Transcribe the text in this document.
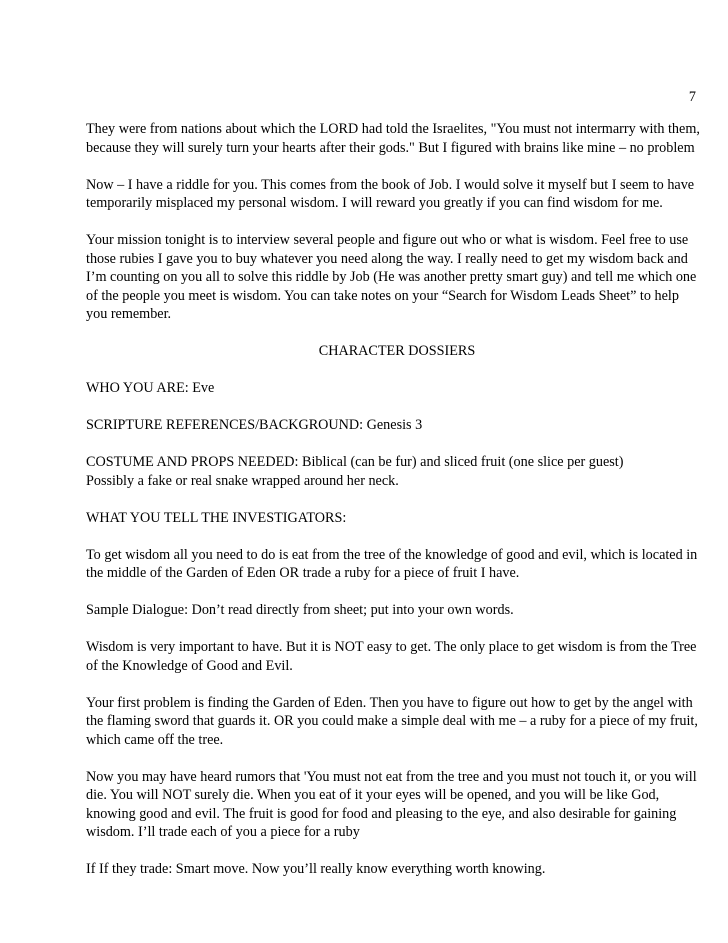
7

They were from nations about which the LORD had told the Israelites, "You must not intermarry with them, because they will surely turn your hearts after their gods." But I figured with brains like mine – no problem

Now – I have a riddle for you. This comes from the book of Job. I would solve it myself but I seem to have temporarily misplaced my personal wisdom. I will reward you greatly if you can find wisdom for me.

Your mission tonight is to interview several people and figure out who or what is wisdom. Feel free to use those rubies I gave you to buy whatever you need along the way. I really need to get my wisdom back and I’m counting on you all to solve this riddle by Job (He was another pretty smart guy) and tell me which one of the people you meet is wisdom. You can take notes on your “Search for Wisdom Leads Sheet” to help you remember.

CHARACTER DOSSIERS

WHO YOU ARE: Eve

SCRIPTURE REFERENCES/BACKGROUND: Genesis 3

COSTUME AND PROPS NEEDED: Biblical (can be fur) and sliced fruit (one slice per guest)
Possibly a fake or real snake wrapped around her neck.

WHAT YOU TELL THE INVESTIGATORS:

To get wisdom all you need to do is eat from the tree of the knowledge of good and evil, which is located in the middle of the Garden of Eden OR trade a ruby for a piece of fruit I have.

Sample Dialogue: Don’t read directly from sheet; put into your own words.

Wisdom is very important to have. But it is NOT easy to get. The only place to get wisdom is from the Tree of the Knowledge of Good and Evil.

Your first problem is finding the Garden of Eden. Then you have to figure out how to get by the angel with the flaming sword that guards it. OR you could make a simple deal with me – a ruby for a piece of my fruit, which came off the tree.

Now you may have heard rumors that 'You must not eat from the tree and you must not touch it, or you will die. You will NOT surely die. When you eat of it your eyes will be opened, and you will be like God, knowing good and evil. The fruit is good for food and pleasing to the eye, and also desirable for gaining wisdom. I’ll trade each of you a piece for a ruby

If If they trade: Smart move. Now you’ll really know everything worth knowing.
